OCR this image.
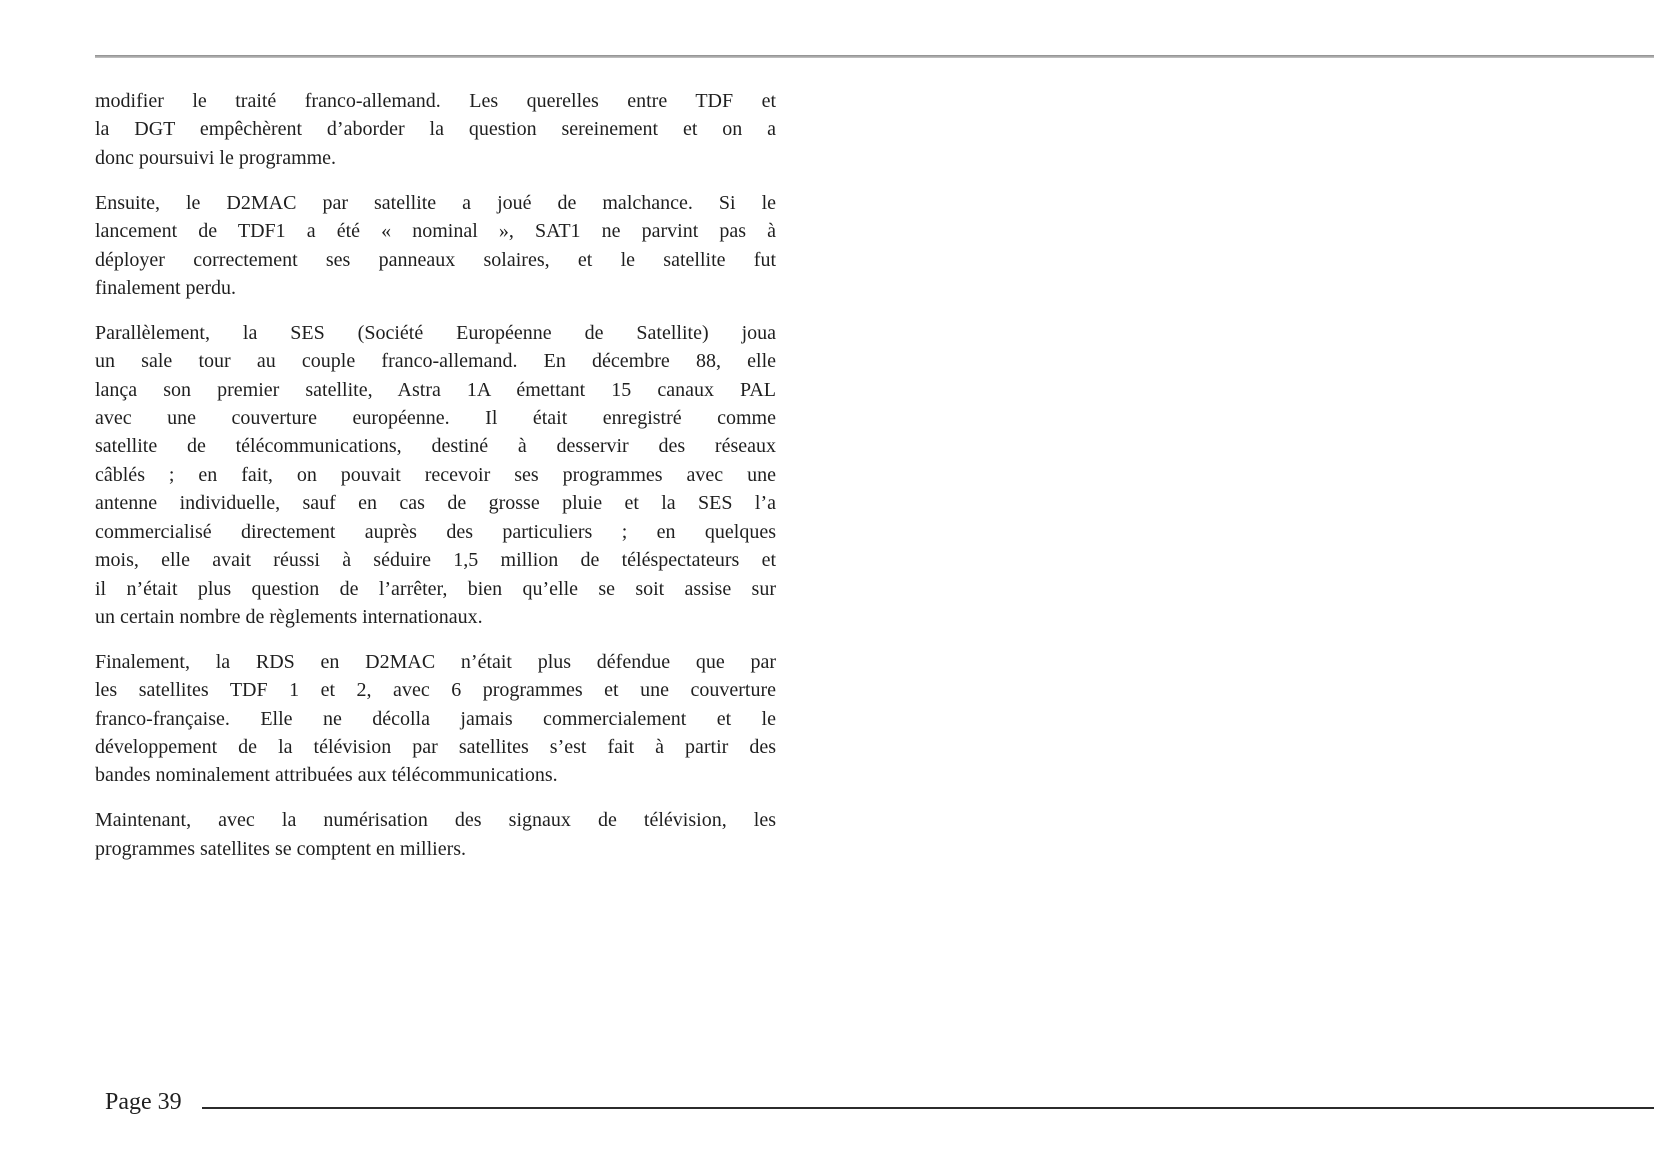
modifier le traité franco-allemand. Les querelles entre TDF et
la DGT empêchèrent d’aborder la question sereinement et on a
donc poursuivi le programme.

Ensuite, le D2MAC par satellite a joué de malchance. Si le
lancement de TDF1 a été « nominal », SAT1 ne parvint pas à
déployer correctement ses panneaux solaires, et le satellite fut
finalement perdu.

Parallèlement, la SES (Société Européenne de Satellite) joua
un sale tour au couple franco-allemand. En décembre 88, elle
lança son premier satellite, Astra 1A émettant 15 canaux PAL
avec une couverture européenne. Il était enregistré comme
satellite de télécommunications, destiné à desservir des réseaux
câblés ; en fait, on pouvait recevoir ses programmes avec une
antenne individuelle, sauf en cas de grosse pluie et la SES l’a
commercialisé directement auprès des particuliers ; en quelques
mois, elle avait réussi à séduire 1,5 million de téléspectateurs et
il n’était plus question de l’arrêter, bien qu’elle se soit assise sur
un certain nombre de règlements internationaux.

Finalement, la RDS en D2MAC n’était plus défendue que par
les satellites TDF 1 et 2, avec 6 programmes et une couverture
franco-française. Elle ne décolla jamais commercialement et le
développement de la télévision par satellites s’est fait à partir des
bandes nominalement attribuées aux télécommunications.

Maintenant, avec la numérisation des signaux de télévision, les
programmes satellites se comptent en milliers.

Page 39
